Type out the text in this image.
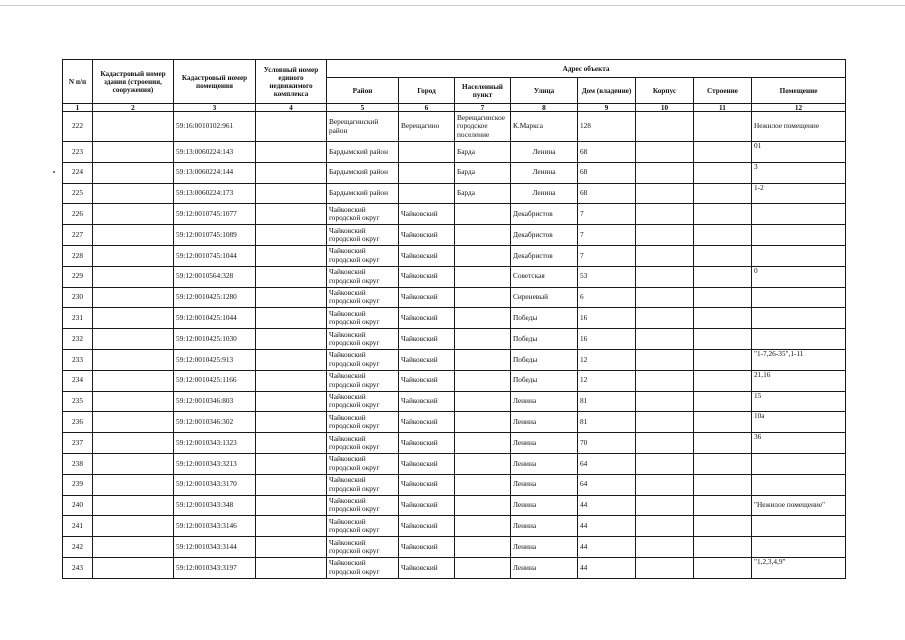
N п/п	Кадастровый номер здания (строения, сооружения)	Кадастровый номер помещения	Условный номер единого недвижимого комплекса	Адрес объекта							
				Район	Город	Населенный пункт	Улица	Дом (владение)	Корпус	Строение	Помещение
1	2	3	4	5	6	7	8	9	10	11	12
222		59:16:0010102:961		Верещагинский район	Верещагино	Верещагинское городское поселение	К.Маркса	128			Нежилое помещение
223		59:13:0060224:143		Бардымский район		Барда	Ленина	68			01
224		59:13:0060224:144		Бардымский район		Барда	Ленина	68			3
225		59:13:0060224:173		Бардымский район		Барда	Ленина	68			1-2
226		59:12:0010745:1077		Чайковский городской округ	Чайковский		Декабристов	7			
227		59:12:0010745:1089		Чайковский городской округ	Чайковский		Декабристов	7			
228		59:12:0010745:1044		Чайковский городской округ	Чайковский		Декабристов	7			
229		59:12:0010564:328		Чайковский городской округ	Чайковский		Советская	53			0
230		59:12:0010425:1280		Чайковский городской округ	Чайковский		Сиреневый	6			
231		59:12:0010425:1044		Чайковский городской округ	Чайковский		Победы	16			
232		59:12:0010425:1030		Чайковский городской округ	Чайковский		Победы	16			
233		59:12:0010425:913		Чайковский городской округ	Чайковский		Победы	12			"1-7,26-35",1-11
234		59:12:0010425:1166		Чайковский городской округ	Чайковский		Победы	12			21,16
235		59:12:0010346:803		Чайковский городской округ	Чайковский		Ленина	81			15
236		59:12:0010346:302		Чайковский городской округ	Чайковский		Ленина	81			10а
237		59:12:0010343:1323		Чайковский городской округ	Чайковский		Ленина	70			36
238		59:12:0010343:3213		Чайковский городской округ	Чайковский		Ленина	64			
239		59:12:0010343:3170		Чайковский городской округ	Чайковский		Ленина	64			
240		59:12:0010343:348		Чайковский городской округ	Чайковский		Ленина	44			"Нежилое помещение"
241		59:12:0010343:3146		Чайковский городской округ	Чайковский		Ленина	44			
242		59:12:0010343:3144		Чайковский городской округ	Чайковский		Ленина	44			
243		59:12:0010343:3197		Чайковский городской округ	Чайковский		Ленина	44			"1,2,3,4,9"
